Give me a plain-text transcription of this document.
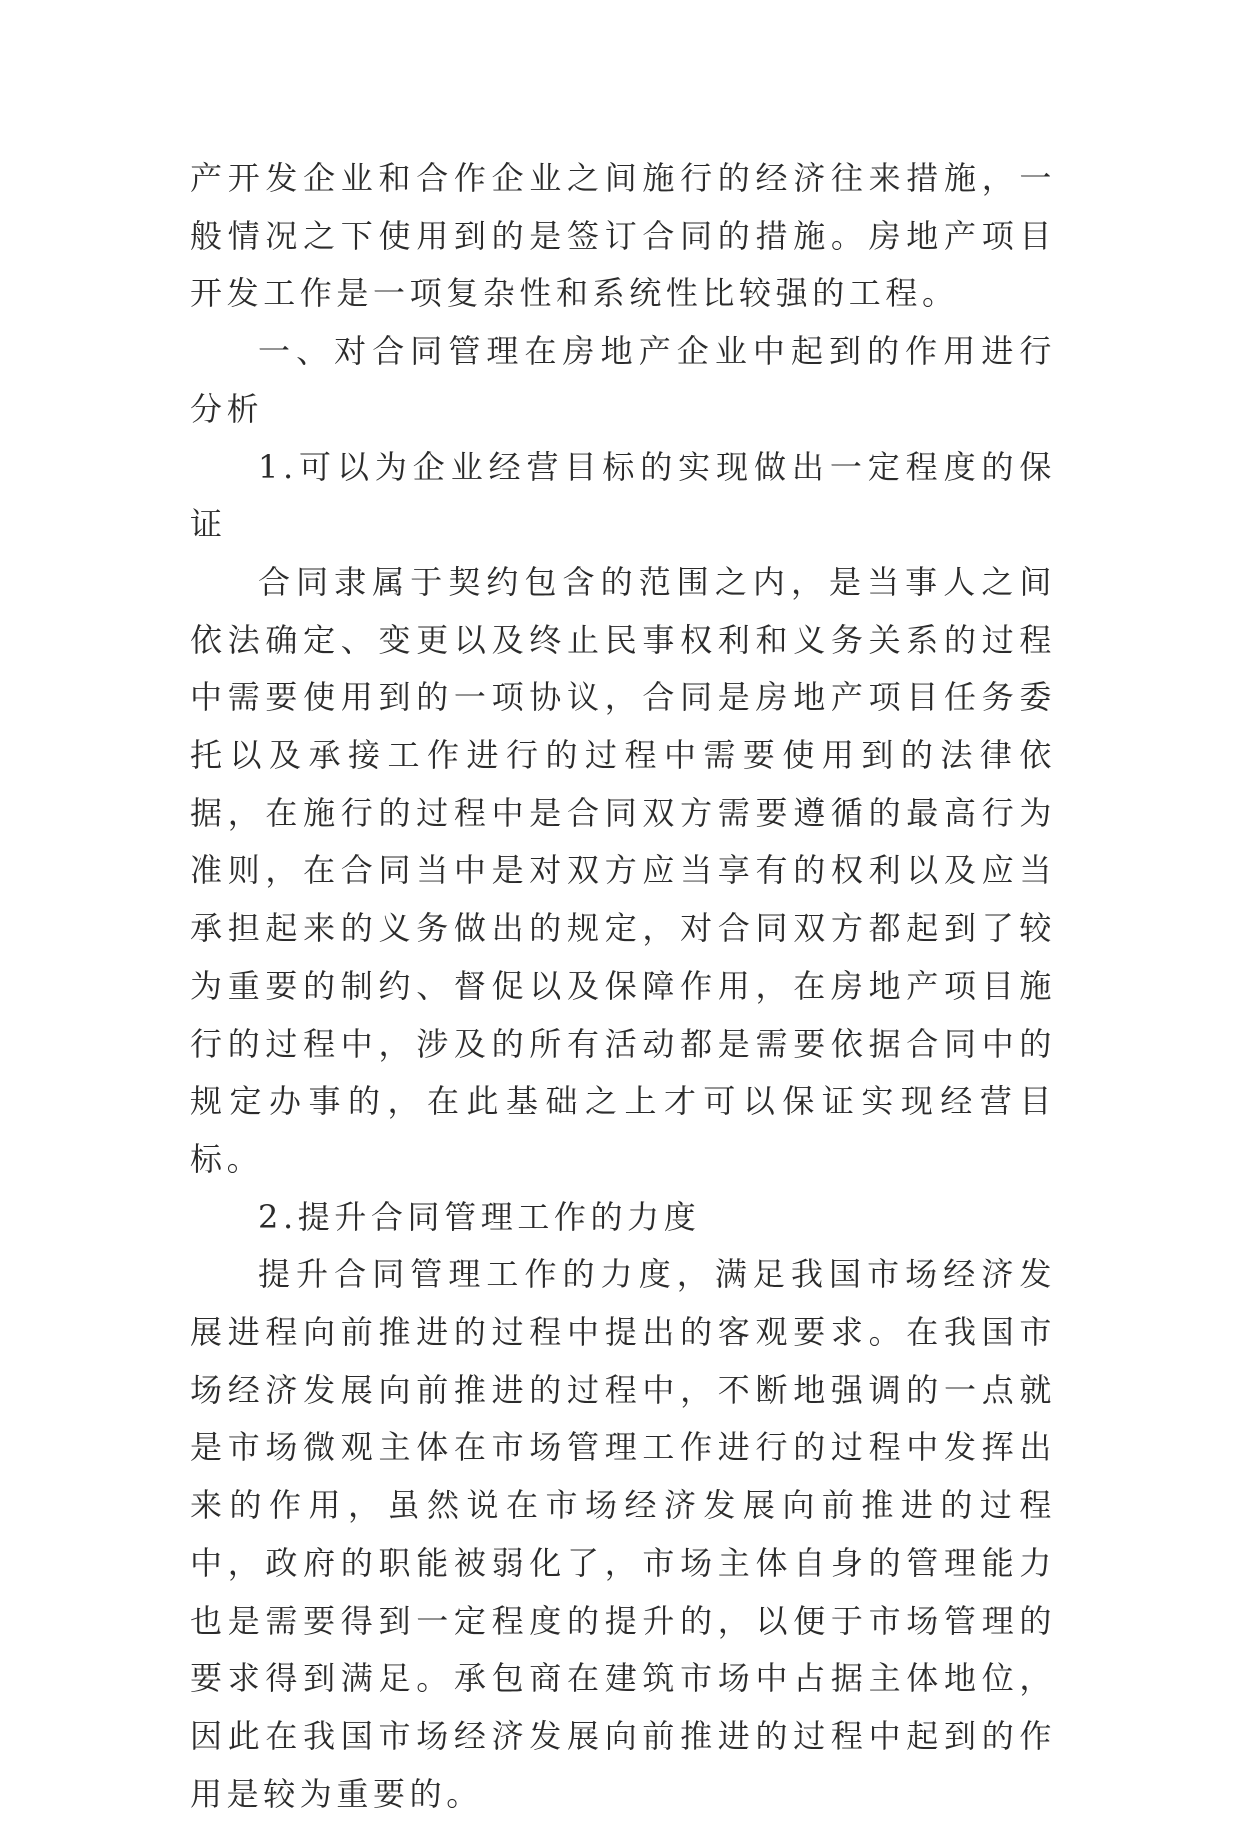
产开发企业和合作企业之间施行的经济往来措施，一般情况之下使用到的是签订合同的措施。房地产项目开发工作是一项复杂性和系统性比较强的工程。

一、对合同管理在房地产企业中起到的作用进行分析

1.可以为企业经营目标的实现做出一定程度的保证

合同隶属于契约包含的范围之内，是当事人之间依法确定、变更以及终止民事权利和义务关系的过程中需要使用到的一项协议，合同是房地产项目任务委托以及承接工作进行的过程中需要使用到的法律依据，在施行的过程中是合同双方需要遵循的最高行为准则，在合同当中是对双方应当享有的权利以及应当承担起来的义务做出的规定，对合同双方都起到了较为重要的制约、督促以及保障作用，在房地产项目施行的过程中，涉及的所有活动都是需要依据合同中的规定办事的，在此基础之上才可以保证实现经营目标。

2.提升合同管理工作的力度

提升合同管理工作的力度，满足我国市场经济发展进程向前推进的过程中提出的客观要求。在我国市场经济发展向前推进的过程中，不断地强调的一点就是市场微观主体在市场管理工作进行的过程中发挥出来的作用，虽然说在市场经济发展向前推进的过程中，政府的职能被弱化了，市场主体自身的管理能力也是需要得到一定程度的提升的，以便于市场管理的要求得到满足。承包商在建筑市场中占据主体地位，因此在我国市场经济发展向前推进的过程中起到的作用是较为重要的。
